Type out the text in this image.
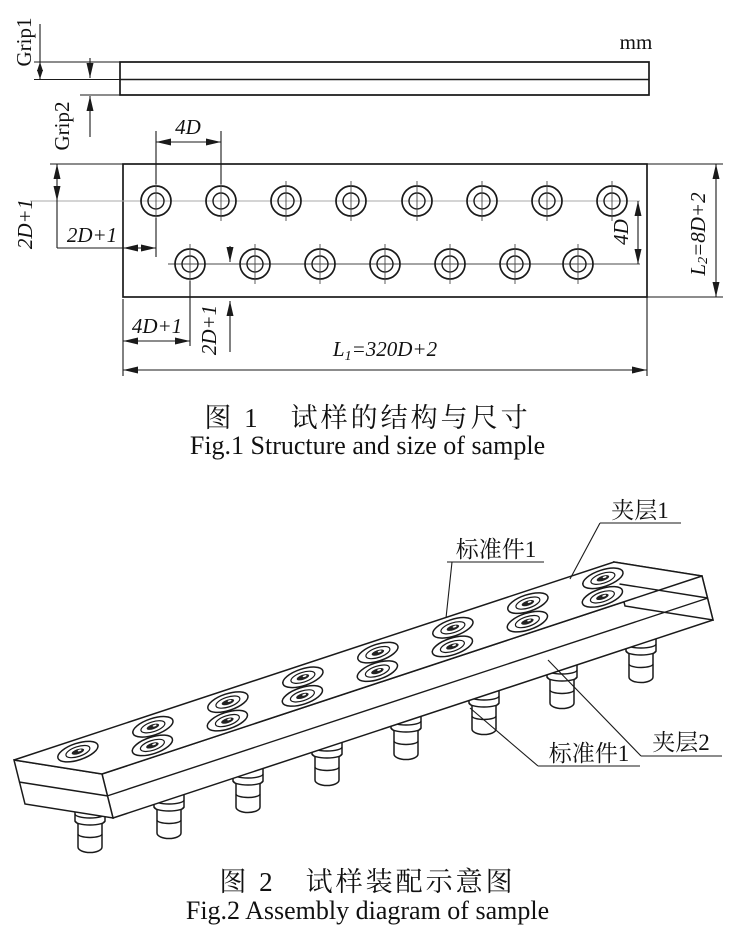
Grip1
Grip2
mm
4D
2D+1 2D+1
4D+1 2D+1
4D
L2=8D+2
L1=320D+2
图 1　试样的结构与尺寸
Fig.1 Structure and size of sample
夹层1
标准件1
标准件1 夹层2
图 2　试样装配示意图
Fig.2 Assembly diagram of sample
